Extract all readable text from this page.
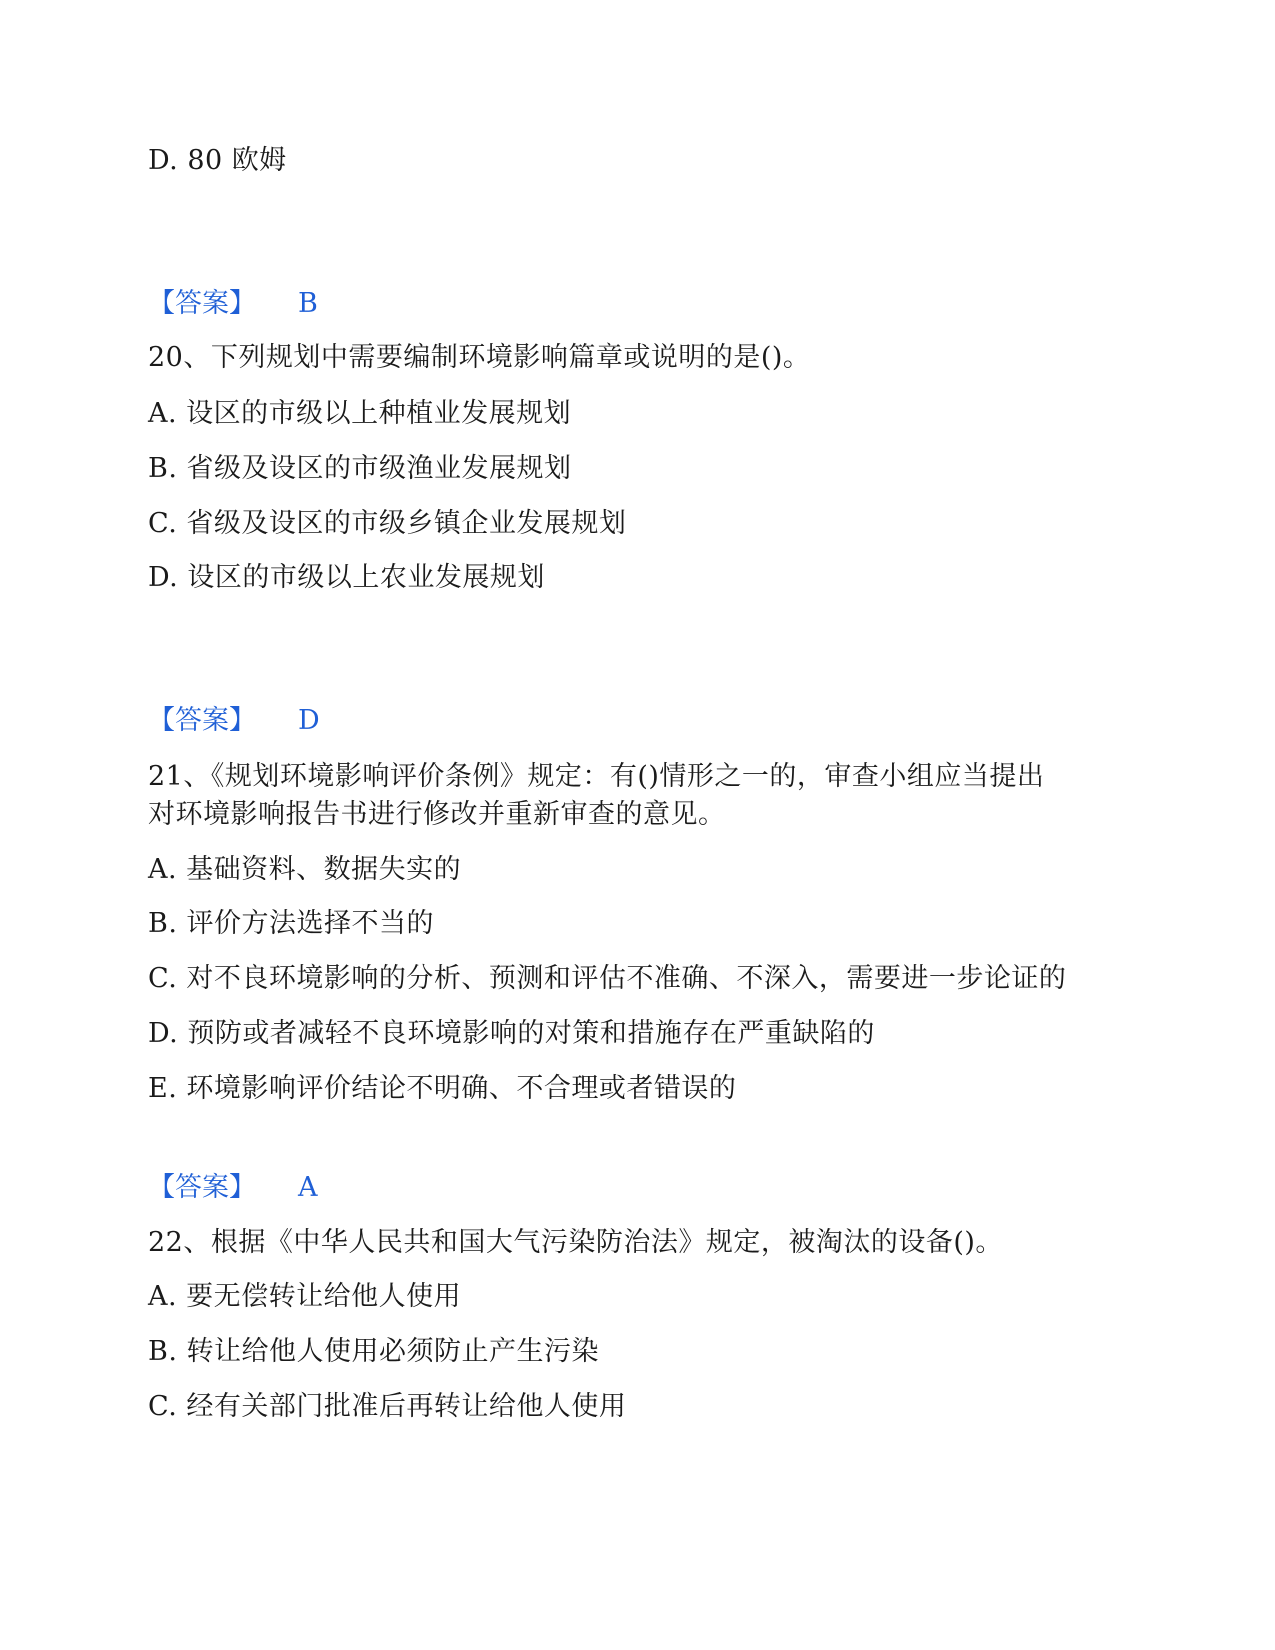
D. 80 欧姆
【答案】 B
20、下列规划中需要编制环境影响篇章或说明的是()。
A. 设区的市级以上种植业发展规划
B. 省级及设区的市级渔业发展规划
C. 省级及设区的市级乡镇企业发展规划
D. 设区的市级以上农业发展规划
【答案】 D
21、《规划环境影响评价条例》规定：有()情形之一的，审查小组应当提出
对环境影响报告书进行修改并重新审查的意见。
A. 基础资料、数据失实的
B. 评价方法选择不当的
C. 对不良环境影响的分析、预测和评估不准确、不深入，需要进一步论证的
D. 预防或者减轻不良环境影响的对策和措施存在严重缺陷的
E. 环境影响评价结论不明确、不合理或者错误的
【答案】 A
22、根据《中华人民共和国大气污染防治法》规定，被淘汰的设备()。
A. 要无偿转让给他人使用
B. 转让给他人使用必须防止产生污染
C. 经有关部门批准后再转让给他人使用
